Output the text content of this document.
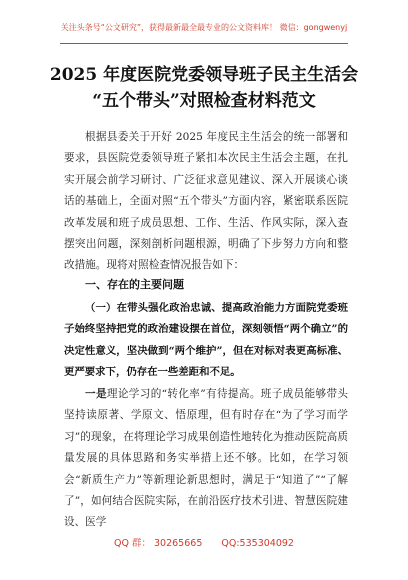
关注头条号“公文研究”，获得最新最全最专业的公文资料库！ 微信：gongwenyj
2025 年度医院党委领导班子民主生活会
“五个带头”对照检查材料范文
根据县委关于开好 2025 年度民主生活会的统一部署和要求，县医院党委领导班子紧扣本次民主生活会主题，在扎实开展会前学习研讨、广泛征求意见建议、深入开展谈心谈话的基础上，全面对照“五个带头”方面内容，紧密联系医院改革发展和班子成员思想、工作、生活、作风实际，深入查摆突出问题，深刻剖析问题根源，明确了下步努力方向和整改措施。现将对照检查情况报告如下：
一、存在的主要问题
（一）在带头强化政治忠诚、提高政治能力方面院党委班子始终坚持把党的政治建设摆在首位，深刻领悟“两个确立”的决定性意义，坚决做到“两个维护”，但在对标对表更高标准、更严要求下，仍存在一些差距和不足。
一是理论学习的“转化率”有待提高。班子成员能够带头坚持读原著、学原文、悟原理，但有时存在“为了学习而学习”的现象，在将理论学习成果创造性地转化为推动医院高质量发展的具体思路和务实举措上还不够。比如，在学习领会“新质生产力”等新理论新思想时，满足于“知道了”“了解了”，如何结合医院实际，在前沿医疗技术引进、智慧医院建设、医学
QQ 群： 30265665 QQ:535304092
